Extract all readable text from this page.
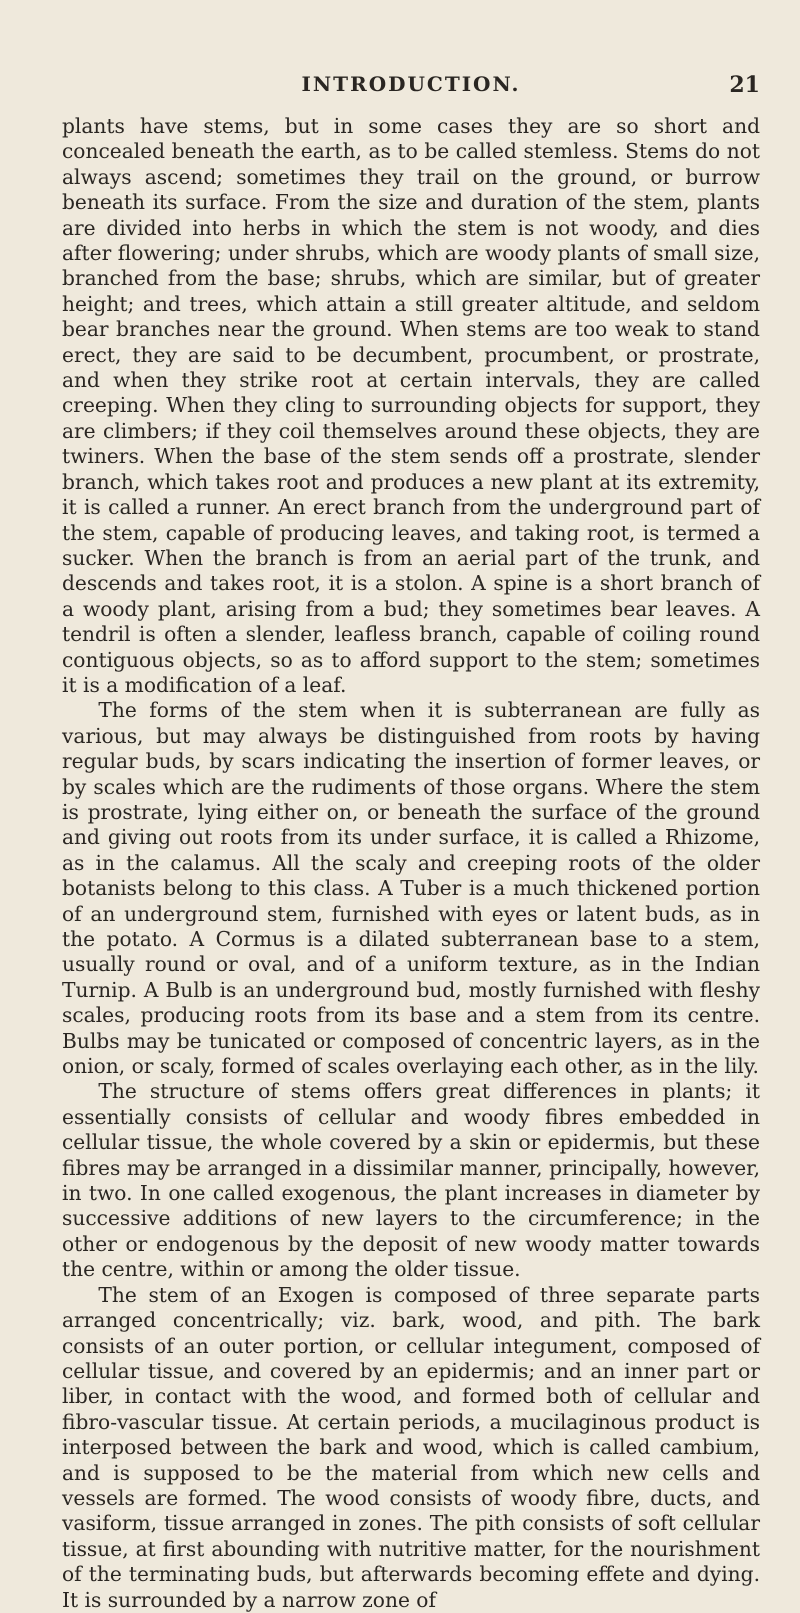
INTRODUCTION.	21

plants have stems, but in some cases they are so short and concealed beneath the earth, as to be called stemless. Stems do not always ascend; sometimes they trail on the ground, or burrow beneath its surface. From the size and duration of the stem, plants are divided into herbs in which the stem is not woody, and dies after flowering; under shrubs, which are woody plants of small size, branched from the base; shrubs, which are similar, but of greater height; and trees, which attain a still greater altitude, and seldom bear branches near the ground. When stems are too weak to stand erect, they are said to be decumbent, procumbent, or prostrate, and when they strike root at certain intervals, they are called creeping. When they cling to surrounding objects for support, they are climbers; if they coil themselves around these objects, they are twiners. When the base of the stem sends off a prostrate, slender branch, which takes root and produces a new plant at its extremity, it is called a runner. An erect branch from the underground part of the stem, capable of producing leaves, and taking root, is termed a sucker. When the branch is from an aerial part of the trunk, and descends and takes root, it is a stolon. A spine is a short branch of a woody plant, arising from a bud; they sometimes bear leaves. A tendril is often a slender, leafless branch, capable of coiling round contiguous objects, so as to afford support to the stem; sometimes it is a modification of a leaf.

The forms of the stem when it is subterranean are fully as various, but may always be distinguished from roots by having regular buds, by scars indicating the insertion of former leaves, or by scales which are the rudiments of those organs. Where the stem is prostrate, lying either on, or beneath the surface of the ground and giving out roots from its under surface, it is called a Rhizome, as in the calamus. All the scaly and creeping roots of the older botanists belong to this class. A Tuber is a much thickened portion of an underground stem, furnished with eyes or latent buds, as in the potato. A Cormus is a dilated subterranean base to a stem, usually round or oval, and of a uniform texture, as in the Indian Turnip. A Bulb is an underground bud, mostly furnished with fleshy scales, producing roots from its base and a stem from its centre. Bulbs may be tunicated or composed of concentric layers, as in the onion, or scaly, formed of scales overlaying each other, as in the lily.

The structure of stems offers great differences in plants; it essentially consists of cellular and woody fibres embedded in cellular tissue, the whole covered by a skin or epidermis, but these fibres may be arranged in a dissimilar manner, principally, however, in two. In one called exogenous, the plant increases in diameter by successive additions of new layers to the circumference; in the other or endogenous by the deposit of new woody matter towards the centre, within or among the older tissue.

The stem of an Exogen is composed of three separate parts arranged concentrically; viz. bark, wood, and pith. The bark consists of an outer portion, or cellular integument, composed of cellular tissue, and covered by an epidermis; and an inner part or liber, in contact with the wood, and formed both of cellular and fibro-vascular tissue. At certain periods, a mucilaginous product is interposed between the bark and wood, which is called cambium, and is supposed to be the material from which new cells and vessels are formed. The wood consists of woody fibre, ducts, and vasiform, tissue arranged in zones. The pith consists of soft cellular tissue, at first abounding with nutritive matter, for the nourishment of the terminating buds, but afterwards becoming effete and dying. It is surrounded by a narrow zone of
